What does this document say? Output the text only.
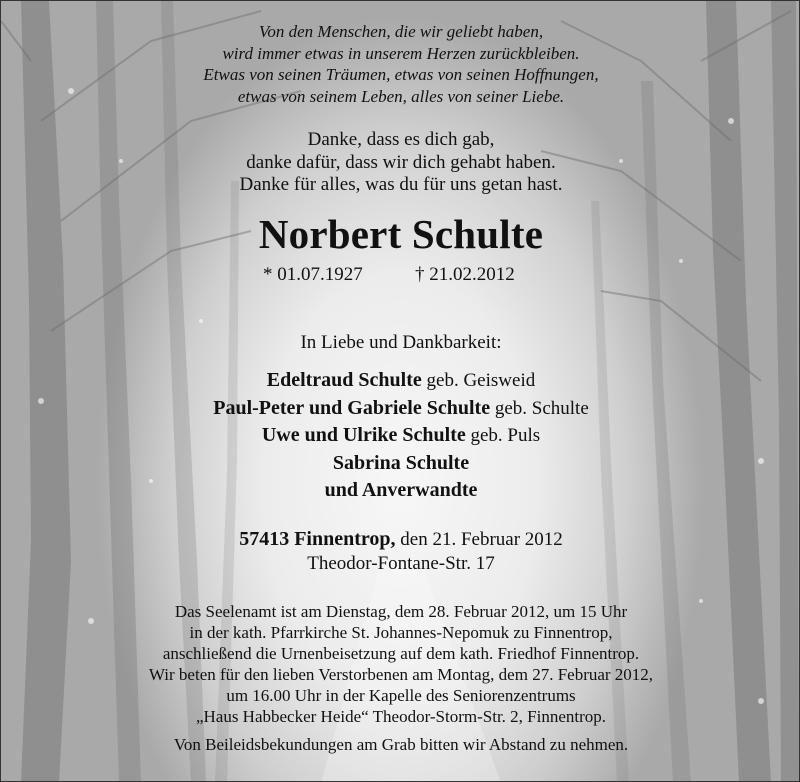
Von den Menschen, die wir geliebt haben,
wird immer etwas in unserem Herzen zurückbleiben.
Etwas von seinen Träumen, etwas von seinen Hoffnungen,
etwas von seinem Leben, alles von seiner Liebe.
Danke, dass es dich gab,
danke dafür, dass wir dich gehabt haben.
Danke für alles, was du für uns getan hast.
Norbert Schulte
* 01.07.1927	† 21.02.2012
In Liebe und Dankbarkeit:
Edeltraud Schulte geb. Geisweid
Paul-Peter und Gabriele Schulte geb. Schulte
Uwe und Ulrike Schulte geb. Puls
Sabrina Schulte
und Anverwandte
57413 Finnentrop, den 21. Februar 2012
Theodor-Fontane-Str. 17
Das Seelenamt ist am Dienstag, dem 28. Februar 2012, um 15 Uhr
in der kath. Pfarrkirche St. Johannes-Nepomuk zu Finnentrop,
anschließend die Urnenbeisetzung auf dem kath. Friedhof Finnentrop.
Wir beten für den lieben Verstorbenen am Montag, dem 27. Februar 2012,
um 16.00 Uhr in der Kapelle des Seniorenzentrums
„Haus Habbecker Heide“ Theodor-Storm-Str. 2, Finnentrop.
Von Beileidsbekundungen am Grab bitten wir Abstand zu nehmen.
